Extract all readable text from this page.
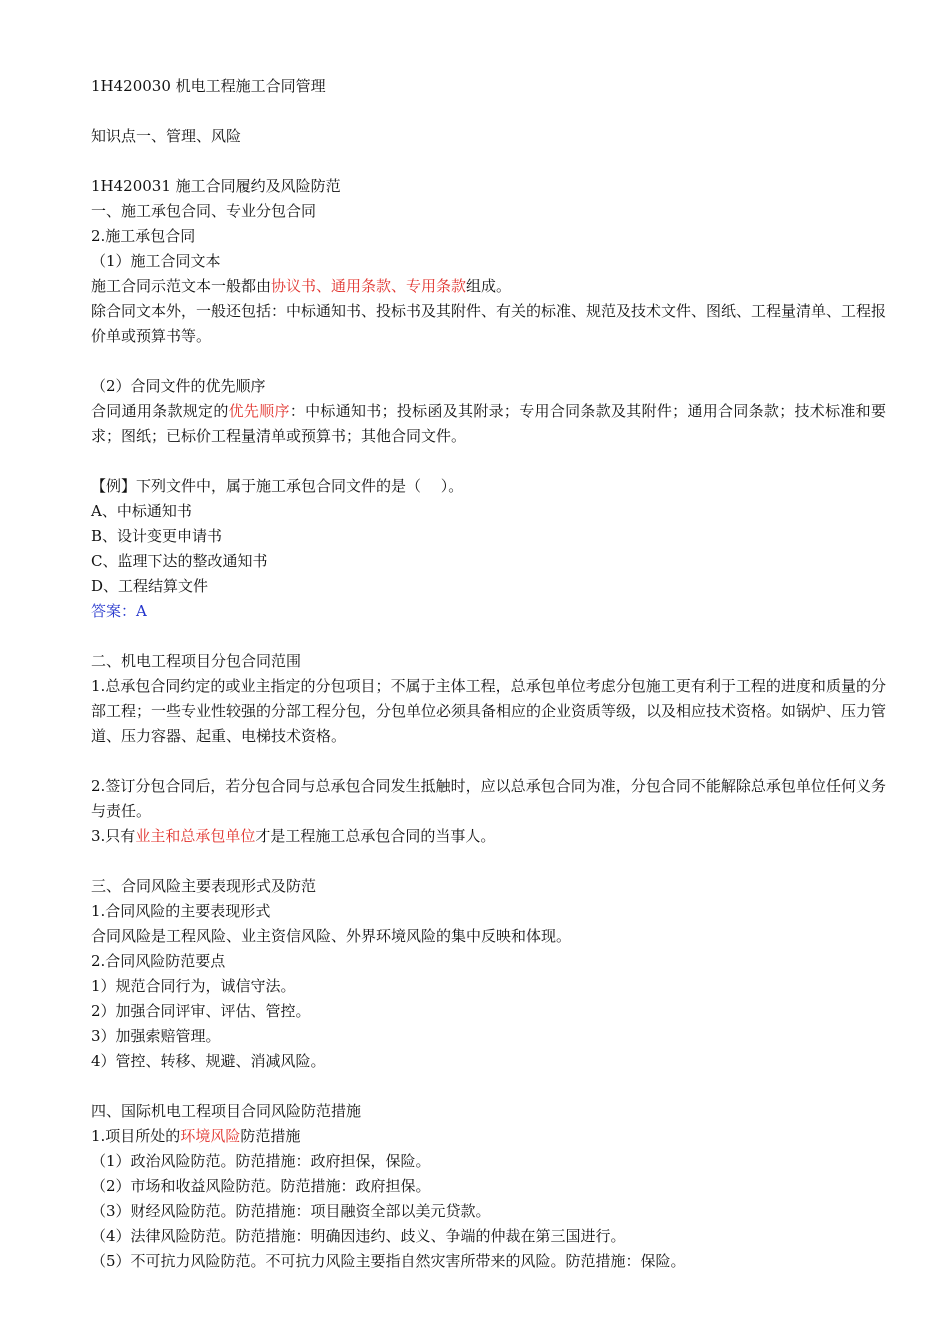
1H420030 机电工程施工合同管理

知识点一、管理、风险

1H420031 施工合同履约及风险防范

一、施工承包合同、专业分包合同

2.施工承包合同

（1）施工合同文本

施工合同示范文本一般都由协议书、通用条款、专用条款组成。

除合同文本外，一般还包括：中标通知书、投标书及其附件、有关的标准、规范及技术文件、图纸、工程量清单、工程报价单或预算书等。

（2）合同文件的优先顺序

合同通用条款规定的优先顺序：中标通知书；投标函及其附录；专用合同条款及其附件；通用合同条款；技术标准和要求；图纸；已标价工程量清单或预算书；其他合同文件。

【例】下列文件中，属于施工承包合同文件的是（　 ）。

A、中标通知书

B、设计变更申请书

C、监理下达的整改通知书

D、工程结算文件

答案：A

二、机电工程项目分包合同范围

1.总承包合同约定的或业主指定的分包项目；不属于主体工程，总承包单位考虑分包施工更有利于工程的进度和质量的分部工程；一些专业性较强的分部工程分包，分包单位必须具备相应的企业资质等级，以及相应技术资格。如锅炉、压力管道、压力容器、起重、电梯技术资格。

2.签订分包合同后，若分包合同与总承包合同发生抵触时，应以总承包合同为准，分包合同不能解除总承包单位任何义务与责任。

3.只有业主和总承包单位才是工程施工总承包合同的当事人。

三、合同风险主要表现形式及防范

1.合同风险的主要表现形式

合同风险是工程风险、业主资信风险、外界环境风险的集中反映和体现。

2.合同风险防范要点

1）规范合同行为，诚信守法。

2）加强合同评审、评估、管控。

3）加强索赔管理。

4）管控、转移、规避、消减风险。

四、国际机电工程项目合同风险防范措施

1.项目所处的环境风险防范措施

（1）政治风险防范。防范措施：政府担保，保险。

（2）市场和收益风险防范。防范措施：政府担保。

（3）财经风险防范。防范措施：项目融资全部以美元贷款。

（4）法律风险防范。防范措施：明确因违约、歧义、争端的仲裁在第三国进行。

（5）不可抗力风险防范。不可抗力风险主要指自然灾害所带来的风险。防范措施：保险。
